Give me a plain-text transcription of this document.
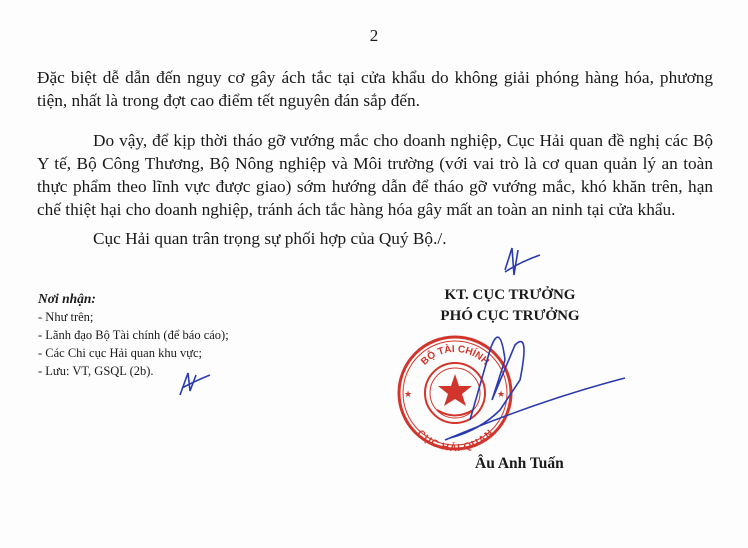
2

Đặc biệt dễ dẫn đến nguy cơ gây ách tắc tại cửa khẩu do không giải phóng hàng hóa, phương tiện, nhất là trong đợt cao điểm tết nguyên đán sắp đến.

Do vậy, để kịp thời tháo gỡ vướng mắc cho doanh nghiệp, Cục Hải quan đề nghị các Bộ Y tế, Bộ Công Thương, Bộ Nông nghiệp và Môi trường (với vai trò là cơ quan quản lý an toàn thực phẩm theo lĩnh vực được giao) sớm hướng dẫn để tháo gỡ vướng mắc, khó khăn trên, hạn chế thiệt hại cho doanh nghiệp, tránh ách tắc hàng hóa gây mất an toàn an ninh tại cửa khẩu.

Cục Hải quan trân trọng sự phối hợp của Quý Bộ./.

Nơi nhận:
- Như trên;
- Lãnh đạo Bộ Tài chính (để báo cáo);
- Các Chi cục Hải quan khu vực;
- Lưu: VT, GSQL (2b).
★	★
BỘ TÀI CHÍNH
CỤC HẢI QUAN
KT. CỤC TRƯỞNG
PHÓ CỤC TRƯỞNG
Âu Anh Tuấn
